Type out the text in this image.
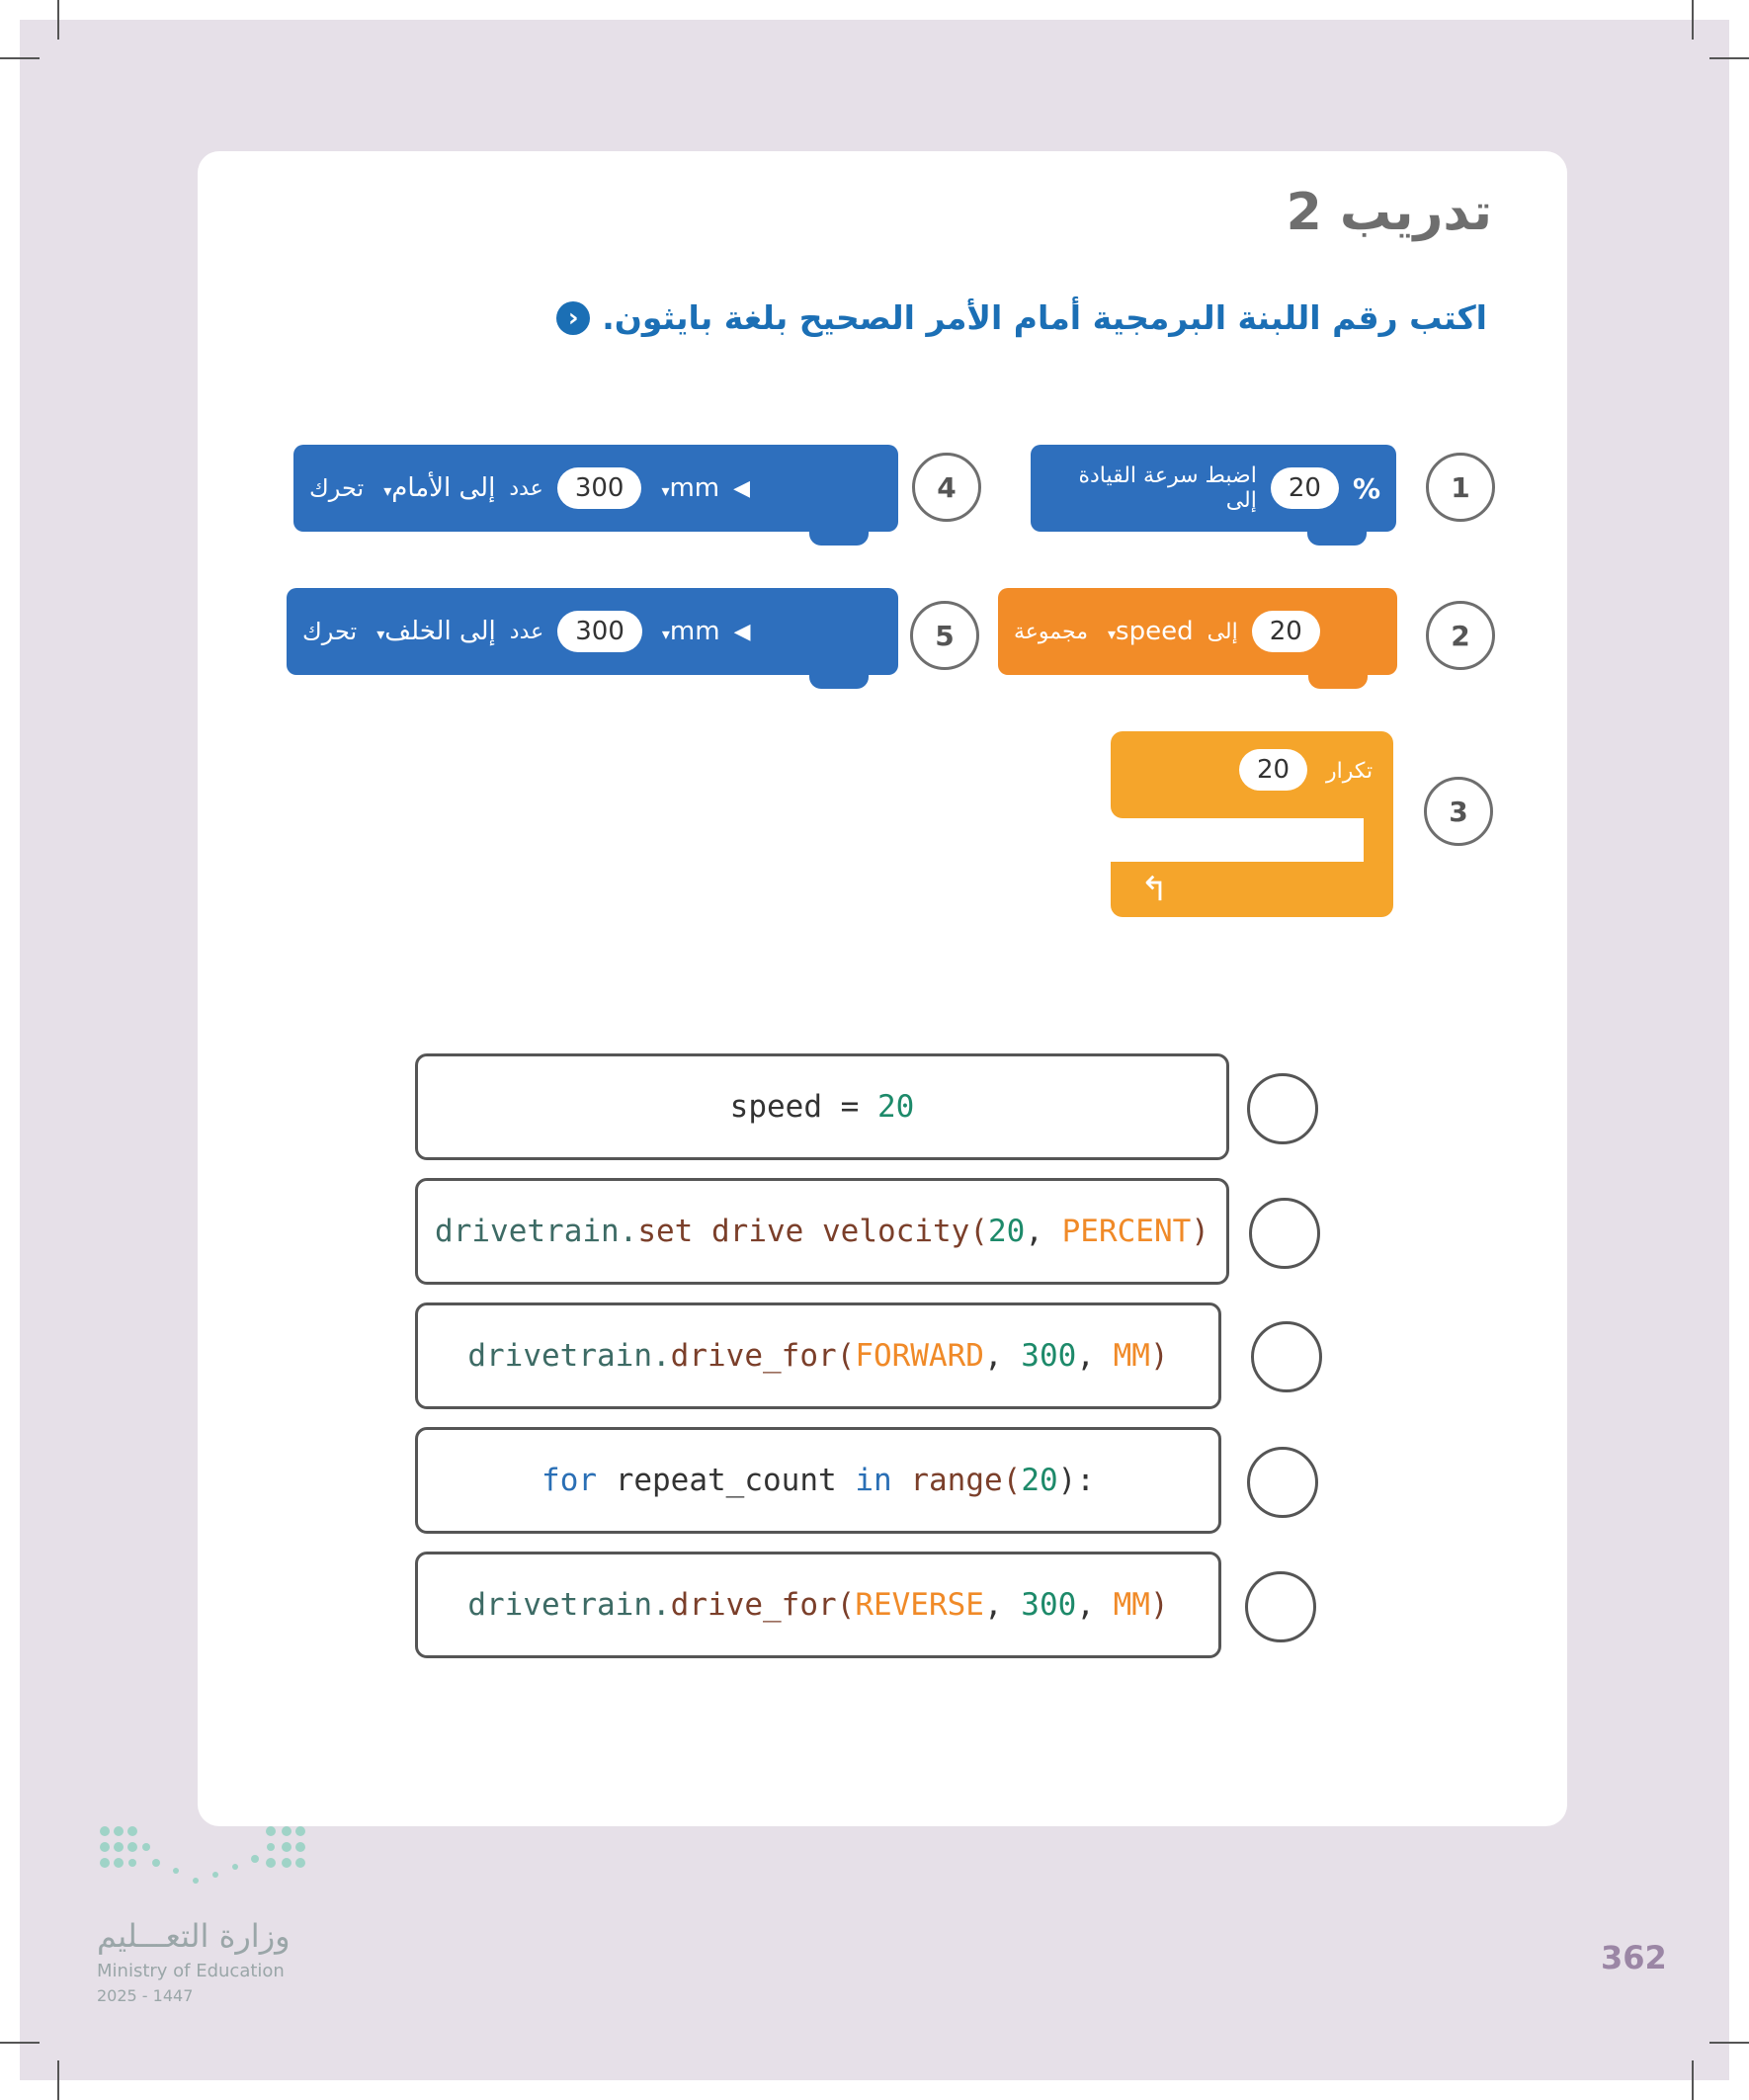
تدريب 2
‹ اكتب رقم اللبنة البرمجية أمام الأمر الصحيح بلغة بايثون.
1
اضبط سرعة القيادة إلى	20	%
4
تحرك	إلى الأمام▾	عدد	300	mm▾	◀
2
مجموعة	speed▾	إلى	20
5
تحرك	إلى الخلف▾	عدد	300	mm▾	◀
3
تكرار
20
↰
speed = 20
drivetrain. set drive velocity( 20 , PERCENT )
drivetrain. drive_for( FORWARD , 300 , MM )
for repeat_count in
range( 20 ):
drivetrain. drive_for( REVERSE , 300 , MM )
362
وزارة التعـــليم
Ministry of Education
2025 - 1447
